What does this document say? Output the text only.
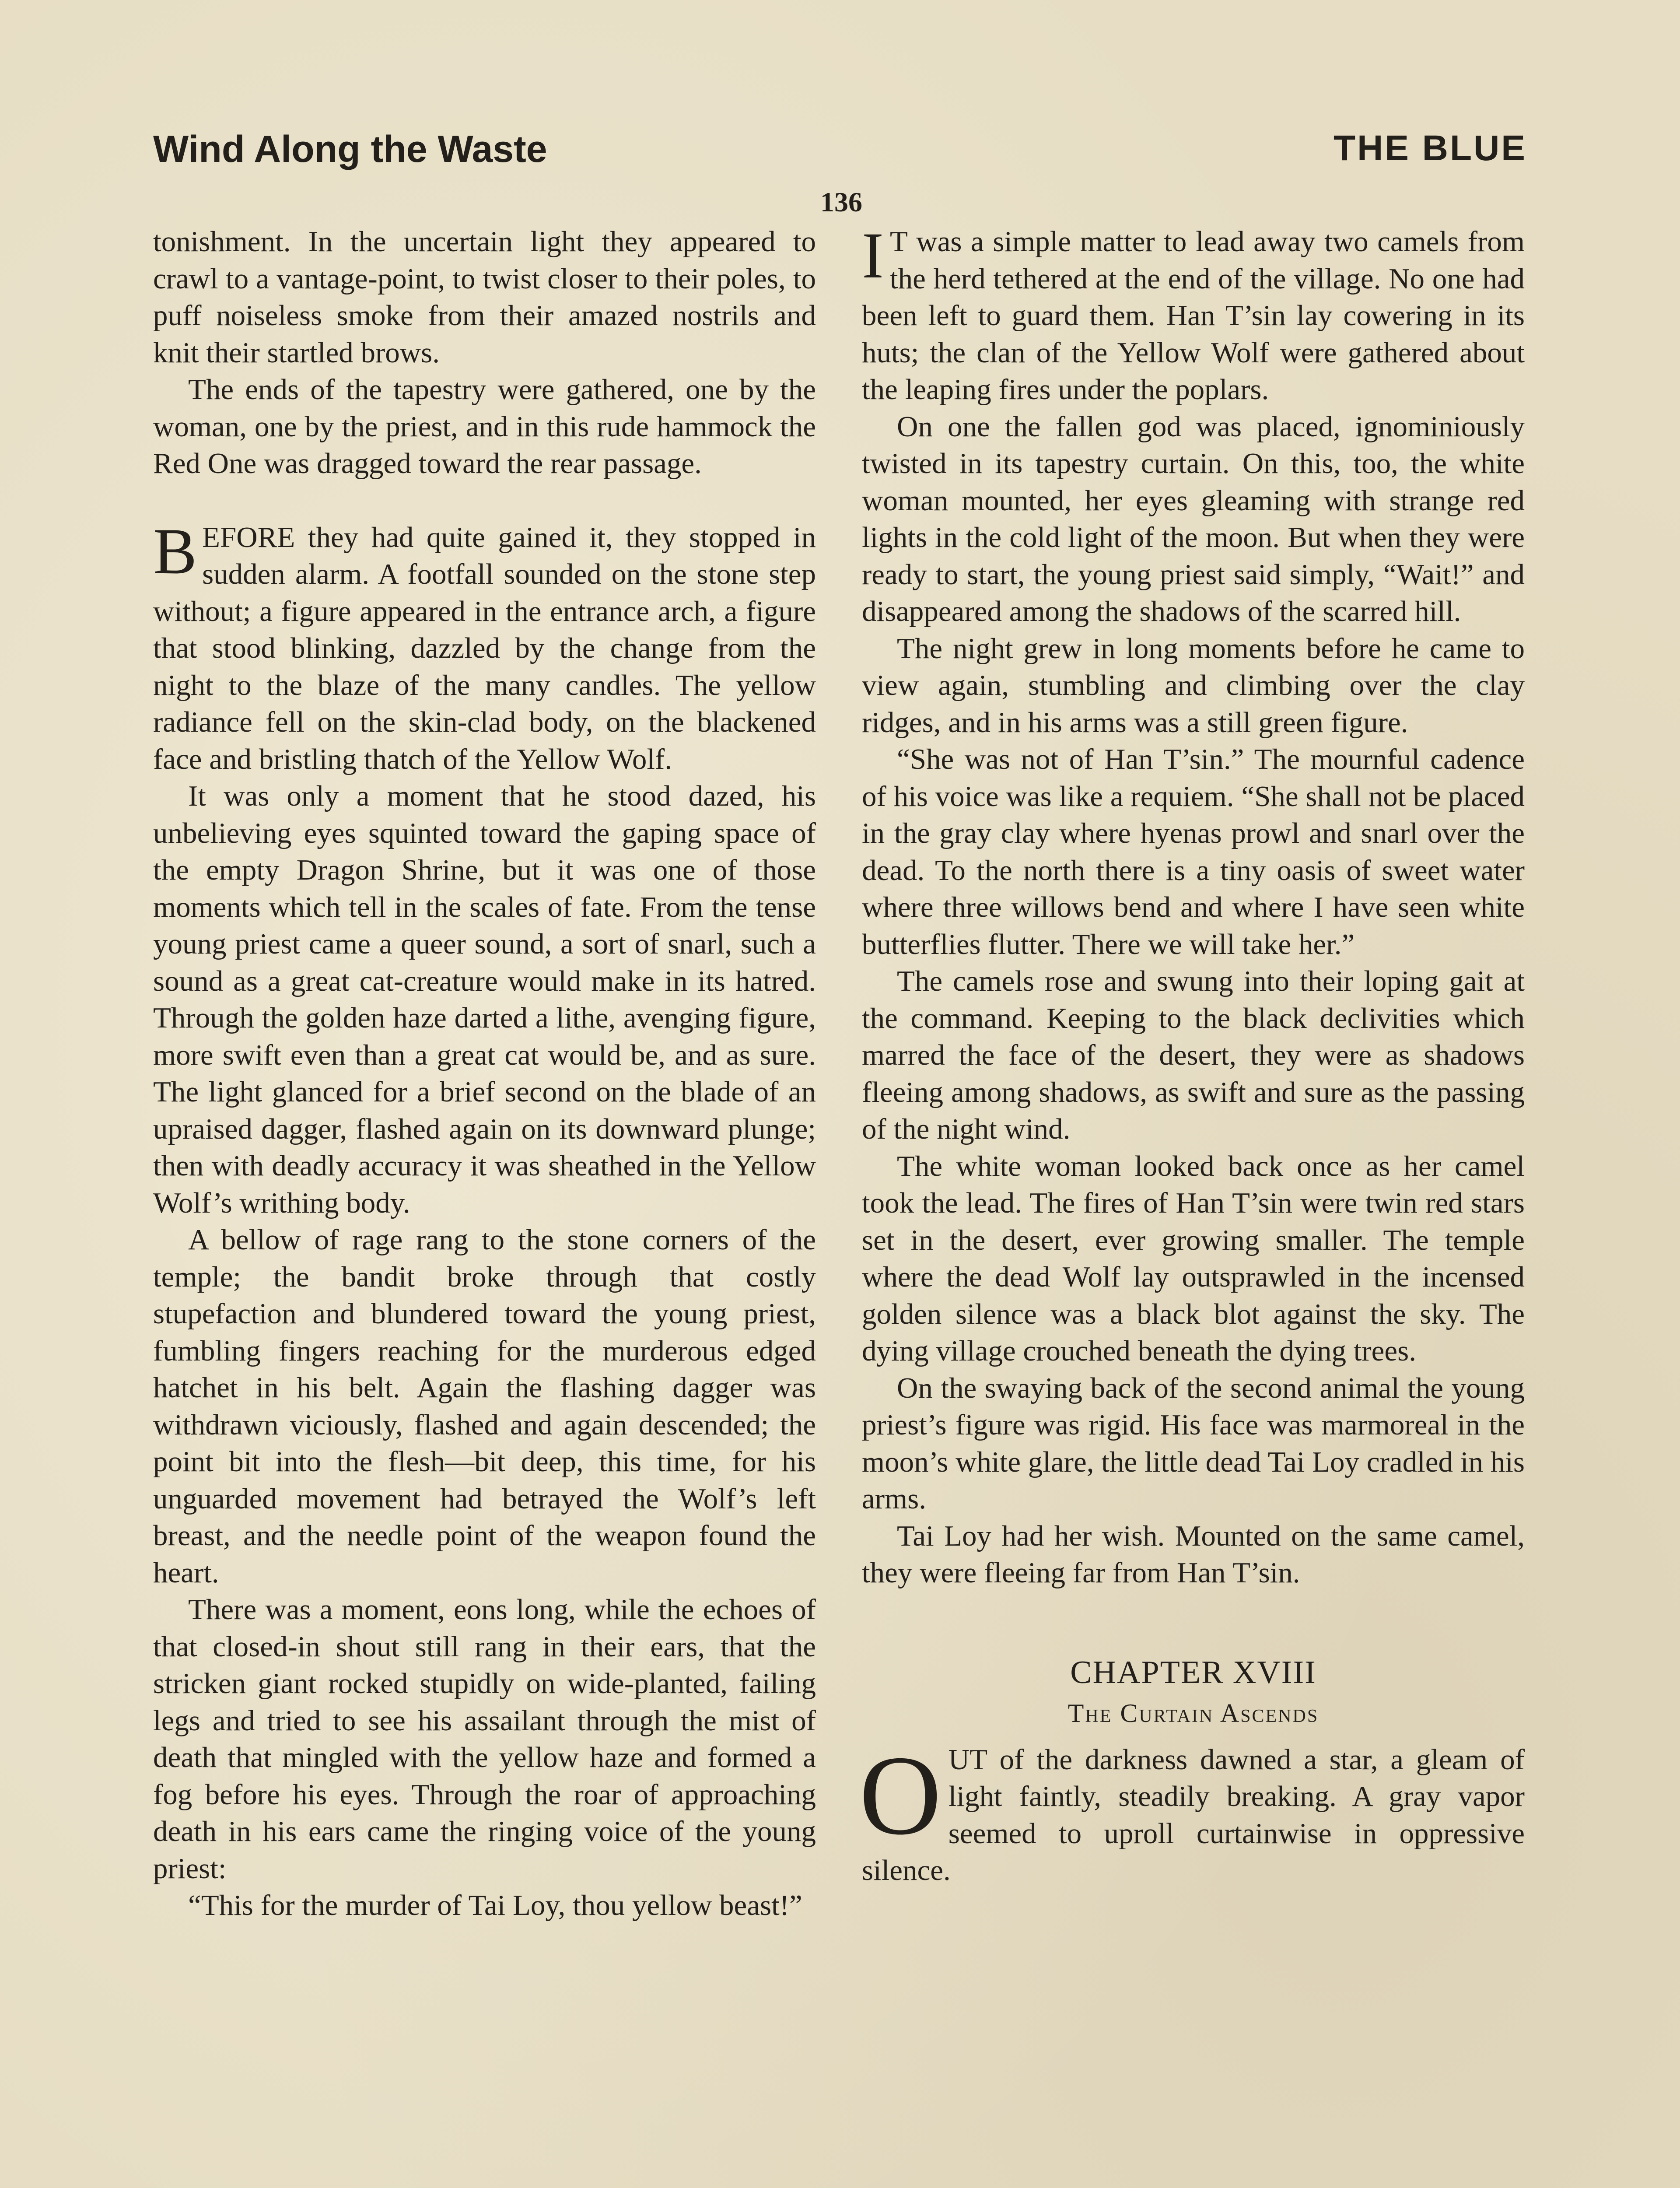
Wind Along the Waste	THE BLUE
136

tonishment. In the uncertain light they appeared to crawl to a vantage-point, to twist closer to their poles, to puff noiseless smoke from their amazed nostrils and knit their startled brows.

The ends of the tapestry were gathered, one by the woman, one by the priest, and in this rude hammock the Red One was dragged toward the rear passage.

BEFORE they had quite gained it, they stopped in sudden alarm. A footfall sounded on the stone step without; a figure appeared in the entrance arch, a figure that stood blinking, dazzled by the change from the night to the blaze of the many candles. The yellow radiance fell on the skin-clad body, on the blackened face and bristling thatch of the Yellow Wolf.

It was only a moment that he stood dazed, his unbelieving eyes squinted toward the gaping space of the empty Dragon Shrine, but it was one of those moments which tell in the scales of fate. From the tense young priest came a queer sound, a sort of snarl, such a sound as a great cat-creature would make in its hatred. Through the golden haze darted a lithe, avenging figure, more swift even than a great cat would be, and as sure. The light glanced for a brief second on the blade of an upraised dagger, flashed again on its downward plunge; then with deadly accuracy it was sheathed in the Yellow Wolf’s writhing body.

A bellow of rage rang to the stone corners of the temple; the bandit broke through that costly stupefaction and blundered toward the young priest, fumbling fingers reaching for the murderous edged hatchet in his belt. Again the flashing dagger was withdrawn viciously, flashed and again descended; the point bit into the flesh—bit deep, this time, for his unguarded movement had betrayed the Wolf’s left breast, and the needle point of the weapon found the heart.

There was a moment, eons long, while the echoes of that closed-in shout still rang in their ears, that the stricken giant rocked stupidly on wide-planted, failing legs and tried to see his assailant through the mist of death that mingled with the yellow haze and formed a fog before his eyes. Through the roar of approaching death in his ears came the ringing voice of the young priest:

“This for the murder of Tai Loy, thou yellow beast!”

I T was a simple matter to lead away two camels from the herd tethered at the end of the village. No one had been left to guard them. Han T’sin lay cowering in its huts; the clan of the Yellow Wolf were gathered about the leaping fires under the poplars.

On one the fallen god was placed, ignominiously twisted in its tapestry curtain. On this, too, the white woman mounted, her eyes gleaming with strange red lights in the cold light of the moon. But when they were ready to start, the young priest said simply, “Wait!” and disappeared among the shadows of the scarred hill.

The night grew in long moments before he came to view again, stumbling and climbing over the clay ridges, and in his arms was a still green figure.

“She was not of Han T’sin.” The mournful cadence of his voice was like a requiem. “She shall not be placed in the gray clay where hyenas prowl and snarl over the dead. To the north there is a tiny oasis of sweet water where three willows bend and where I have seen white butterflies flutter. There we will take her.”

The camels rose and swung into their loping gait at the command. Keeping to the black declivities which marred the face of the desert, they were as shadows fleeing among shadows, as swift and sure as the passing of the night wind.

The white woman looked back once as her camel took the lead. The fires of Han T’sin were twin red stars set in the desert, ever growing smaller. The temple where the dead Wolf lay outsprawled in the incensed golden silence was a black blot against the sky. The dying village crouched beneath the dying trees.

On the swaying back of the second animal the young priest’s figure was rigid. His face was marmoreal in the moon’s white glare, the little dead Tai Loy cradled in his arms.

Tai Loy had her wish. Mounted on the same camel, they were fleeing far from Han T’sin.

CHAPTER XVIII
The Curtain Ascends

OUT of the darkness dawned a star, a gleam of light faintly, steadily breaking. A gray vapor seemed to uproll curtainwise in oppressive silence.
